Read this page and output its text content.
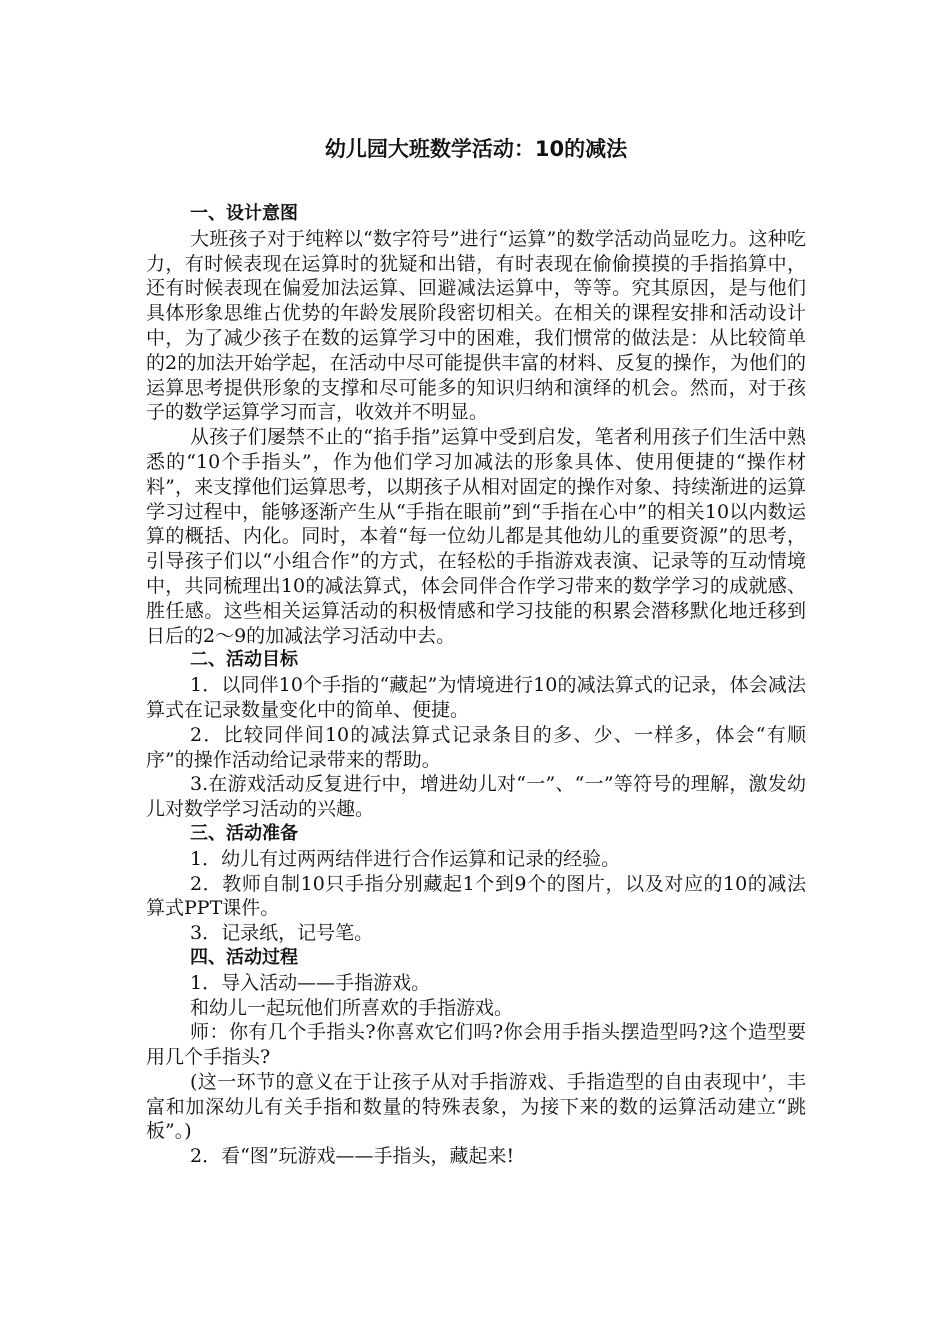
幼儿园大班数学活动：10的减法
一、设计意图

大班孩子对于纯粹以“数字符号”进行“运算”的数学活动尚显吃力。这种吃力，有时候表现在运算时的犹疑和出错，有时表现在偷偷摸摸的手指掐算中，还有时候表现在偏爱加法运算、回避减法运算中，等等。究其原因，是与他们具体形象思维占优势的年龄发展阶段密切相关。在相关的课程安排和活动设计中，为了减少孩子在数的运算学习中的困难，我们惯常的做法是：从比较简单的2的加法开始学起，在活动中尽可能提供丰富的材料、反复的操作，为他们的运算思考提供形象的支撑和尽可能多的知识归纳和演绎的机会。然而，对于孩子的数学运算学习而言，收效并不明显。

从孩子们屡禁不止的“掐手指”运算中受到启发，笔者利用孩子们生活中熟悉的“10个手指头”，作为他们学习加减法的形象具体、使用便捷的“操作材料”，来支撑他们运算思考，以期孩子从相对固定的操作对象、持续渐进的运算学习过程中，能够逐渐产生从“手指在眼前”到“手指在心中”的相关10以内数运算的概括、内化。同时，本着“每一位幼儿都是其他幼儿的重要资源”的思考，引导孩子们以“小组合作”的方式，在轻松的手指游戏表演、记录等的互动情境中，共同梳理出10的减法算式，体会同伴合作学习带来的数学学习的成就感、胜任感。这些相关运算活动的积极情感和学习技能的积累会潜移默化地迁移到日后的2～9的加减法学习活动中去。

二、活动目标

1．以同伴10个手指的“藏起”为情境进行10的减法算式的记录，体会减法算式在记录数量变化中的简单、便捷。

2．比较同伴间10的减法算式记录条目的多、少、一样多，体会“有顺序”的操作活动给记录带来的帮助。

3.在游戏活动反复进行中，增进幼儿对“一”、“一”等符号的理解，激发幼儿对数学学习活动的兴趣。

三、活动准备

1．幼儿有过两两结伴进行合作运算和记录的经验。

2．教师自制10只手指分别藏起1个到9个的图片，以及对应的10的减法算式PPT课件。

3．记录纸，记号笔。

四、活动过程

1．导入活动——手指游戏。

和幼儿一起玩他们所喜欢的手指游戏。

师：你有几个手指头?你喜欢它们吗?你会用手指头摆造型吗?这个造型要用几个手指头?

(这一环节的意义在于让孩子从对手指游戏、手指造型的自由表现中’，丰富和加深幼儿有关手指和数量的特殊表象，为接下来的数的运算活动建立“跳板”。)

2．看“图”玩游戏——手指头，藏起来!
